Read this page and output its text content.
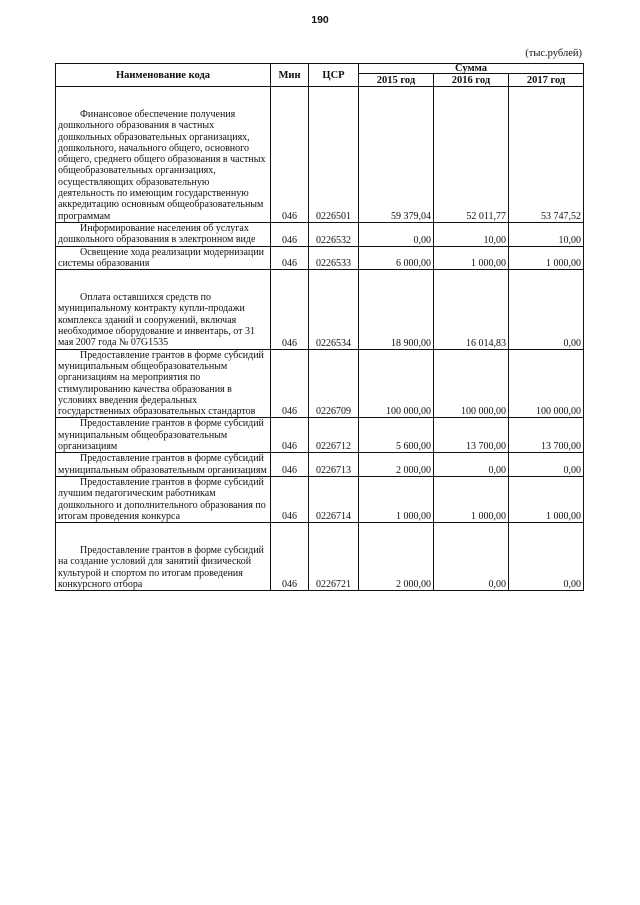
190
(тыс.рублей)
Наименование кода	Мин	ЦСР	Сумма		
			2015 год	2016 год	2017 год

Финансовое обеспечение получения дошкольного образования в частных дошкольных образовательных организациях, дошкольного, начального общего, основного общего, среднего общего образования в частных общеобразовательных организациях, осуществляющих образовательную деятельность по имеющим государственную аккредитацию основным общеобразовательным программам	046	0226501	59 379,04	52 011,77	53 747,52

Информирование населения об услугах дошкольного образования в электронном виде	046	0226532	0,00	10,00	10,00

Освещение хода реализации модернизации системы образования	046	0226533	6 000,00	1 000,00	1 000,00

Оплата оставшихся средств по муниципальному контракту купли-продажи комплекса зданий и сооружений, включая необходимое оборудование и инвентарь, от 31 мая 2007 года № 07G1535	046	0226534	18 900,00	16 014,83	0,00

Предоставление грантов в форме субсидий муниципальным общеобразовательным организациям на мероприятия по стимулированию качества образования в условиях введения федеральных государственных образовательных стандартов	046	0226709	100 000,00	100 000,00	100 000,00

Предоставление грантов в форме субсидий муниципальным общеобразовательным организациям	046	0226712	5 600,00	13 700,00	13 700,00

Предоставление грантов в форме субсидий муниципальным образовательным организациям	046	0226713	2 000,00	0,00	0,00

Предоставление грантов в форме субсидий лучшим педагогическим работникам дошкольного и дополнительного образования по итогам проведения конкурса	046	0226714	1 000,00	1 000,00	1 000,00

Предоставление грантов в форме субсидий на создание условий для занятий физической культурой и спортом по итогам проведения конкурсного отбора	046	0226721	2 000,00	0,00	0,00
